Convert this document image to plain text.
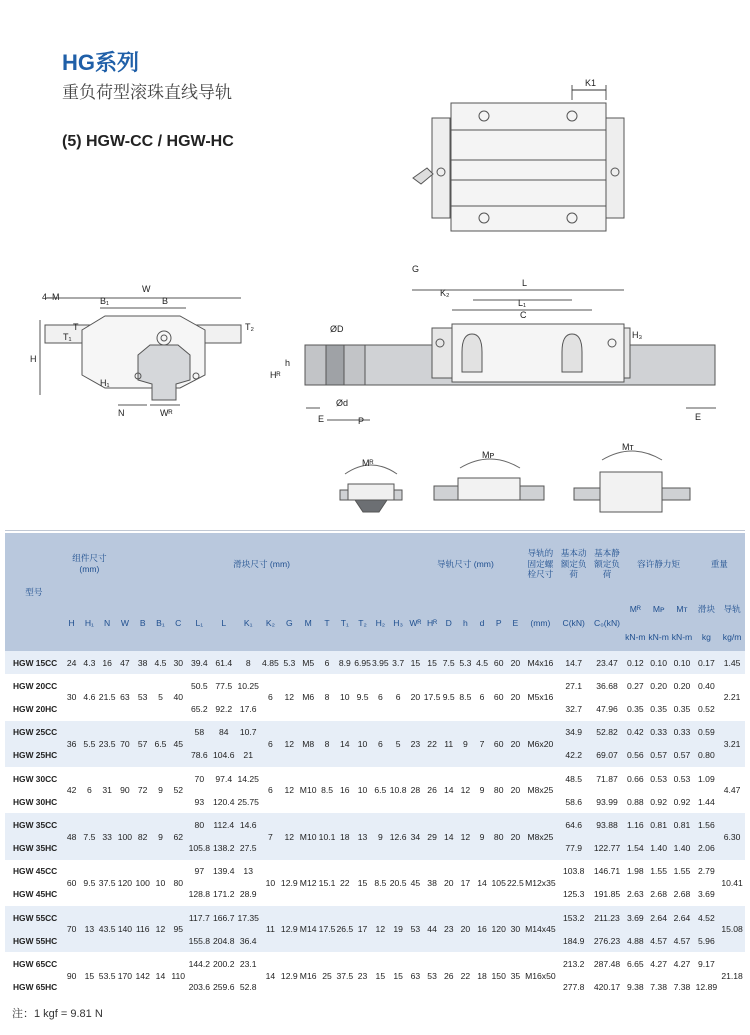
HG系列
重负荷型滚珠直线导轨
(5) HGW-CC / HGW-HC
K1
W
B
B₁
4–M
T
T₁
T₂
H
H₁
N	Wᴿ
L
L₁
C
G
K₂
H₃
Hᴿ
h
ØD
Ød
E	P	E
Mᴿ
Mᴘ
Mᴛ
型号	组件尺寸 (mm)			滑块尺寸 (mm)															导轨尺寸 (mm)							导轨的固定螺栓尺寸	基本动额定负荷	基本静额定负荷	容许静力矩			重量	
	H	H₁	N	W	B	B₁	C	L₁	L	K₁	K₂	G	M	T	T₁	T₂	H₂	H₃	Wᴿ	Hᴿ	D	h	d	P	E	(mm)	C(kN)	C₀(kN)	Mᴿ	Mᴘ	Mᴛ	滑块	导轨
																													kN-m	kN-m	kN-m	kg	kg/m
HGW 15CC	24	4.3	16	47	38	4.5	30	39.4	61.4	8	4.85	5.3	M5	6	8.9	6.95	3.95	3.7	15	15	7.5	5.3	4.5	60	20	M4x16	14.7	23.47	0.12	0.10	0.10	0.17	1.45

HGW 20CC	30	4.6	21.5	63	53	5	40	50.5	77.5	10.25	6	12	M6	8	10	9.5	6	6	20	17.5	9.5	8.5	6	60	20	M5x16	27.1	36.68	0.27	0.20	0.20	0.40	2.21
HGW 20HC								65.2	92.2	17.6																	32.7	47.96	0.35	0.35	0.35	0.52	
HGW 25CC	36	5.5	23.5	70	57	6.5	45	58	84	10.7	6	12	M8	8	14	10	6	5	23	22	11	9	7	60	20	M6x20	34.9	52.82	0.42	0.33	0.33	0.59	3.21
HGW 25HC								78.6	104.6	21																	42.2	69.07	0.56	0.57	0.57	0.80	
HGW 30CC	42	6	31	90	72	9	52	70	97.4	14.25	6	12	M10	8.5	16	10	6.5	10.8	28	26	14	12	9	80	20	M8x25	48.5	71.87	0.66	0.53	0.53	1.09	4.47
HGW 30HC								93	120.4	25.75																	58.6	93.99	0.88	0.92	0.92	1.44	
HGW 35CC	48	7.5	33	100	82	9	62	80	112.4	14.6	7	12	M10	10.1	18	13	9	12.6	34	29	14	12	9	80	20	M8x25	64.6	93.88	1.16	0.81	0.81	1.56	6.30
HGW 35HC								105.8	138.2	27.5																	77.9	122.77	1.54	1.40	1.40	2.06	
HGW 45CC	60	9.5	37.5	120	100	10	80	97	139.4	13	10	12.9	M12	15.1	22	15	8.5	20.5	45	38	20	17	14	105	22.5	M12x35	103.8	146.71	1.98	1.55	1.55	2.79	10.41
HGW 45HC								128.8	171.2	28.9																	125.3	191.85	2.63	2.68	2.68	3.69	
HGW 55CC	70	13	43.5	140	116	12	95	117.7	166.7	17.35	11	12.9	M14	17.5	26.5	17	12	19	53	44	23	20	16	120	30	M14x45	153.2	211.23	3.69	2.64	2.64	4.52	15.08
HGW 55HC								155.8	204.8	36.4																	184.9	276.23	4.88	4.57	4.57	5.96	
HGW 65CC	90	15	53.5	170	142	14	110	144.2	200.2	23.1	14	12.9	M16	25	37.5	23	15	15	63	53	26	22	18	150	35	M16x50	213.2	287.48	6.65	4.27	4.27	9.17	21.18
HGW 65HC								203.6	259.6	52.8																	277.8	420.17	9.38	7.38	7.38	12.89	
注：1 kgf = 9.81 N
